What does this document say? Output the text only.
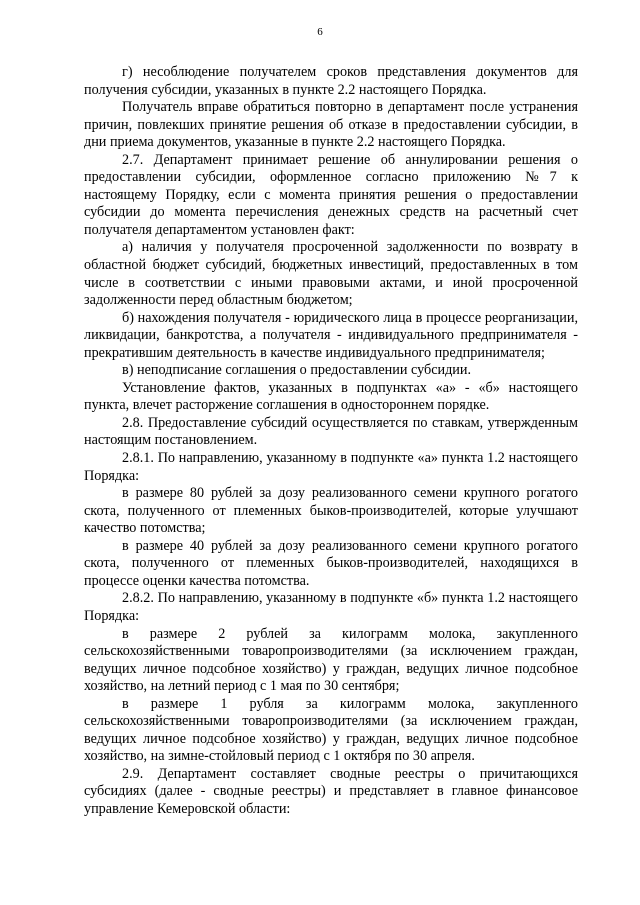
6

г) несоблюдение получателем сроков представления документов для получения субсидии, указанных в пункте 2.2 настоящего Порядка.

Получатель вправе обратиться повторно в департамент после устранения причин, повлекших принятие решения об отказе в предоставлении субсидии, в дни приема документов, указанные в пункте 2.2 настоящего Порядка.

2.7. Департамент принимает решение об аннулировании решения о предоставлении субсидии, оформленное согласно приложению №7 к настоящему Порядку, если с момента принятия решения о предоставлении субсидии до момента перечисления денежных средств на расчетный счет получателя департаментом установлен факт:

а) наличия у получателя просроченной задолженности по возврату в областной бюджет субсидий, бюджетных инвестиций, предоставленных в том числе в соответствии с иными правовыми актами, и иной просроченной задолженности перед областным бюджетом;

б) нахождения получателя - юридического лица в процессе реорганизации, ликвидации, банкротства, а получателя - индивидуального предпринимателя - прекратившим деятельность в качестве индивидуального предпринимателя;

в) неподписание соглашения о предоставлении субсидии.

Установление фактов, указанных в подпунктах «а» - «б» настоящего пункта, влечет расторжение соглашения в одностороннем порядке.

2.8. Предоставление субсидий осуществляется по ставкам, утвержденным настоящим постановлением.

2.8.1. По направлению, указанному в подпункте «а» пункта 1.2 настоящего Порядка:

в размере 80 рублей за дозу реализованного семени крупного рогатого скота, полученного от племенных быков-производителей, которые улучшают качество потомства;

в размере 40 рублей за дозу реализованного семени крупного рогатого скота, полученного от племенных быков-производителей, находящихся в процессе оценки качества потомства.

2.8.2. По направлению, указанному в подпункте «б» пункта 1.2 настоящего Порядка:

в размере 2 рублей за килограмм молока, закупленного сельскохозяйственными товаропроизводителями (за исключением граждан, ведущих личное подсобное хозяйство) у граждан, ведущих личное подсобное хозяйство, на летний период с 1 мая по 30 сентября;

в размере 1 рубля за килограмм молока, закупленного сельскохозяйственными товаропроизводителями (за исключением граждан, ведущих личное подсобное хозяйство) у граждан, ведущих личное подсобное хозяйство, на зимне-стойловый период с 1 октября по 30 апреля.

2.9. Департамент составляет сводные реестры о причитающихся субсидиях (далее - сводные реестры) и представляет в главное финансовое управление Кемеровской области:
